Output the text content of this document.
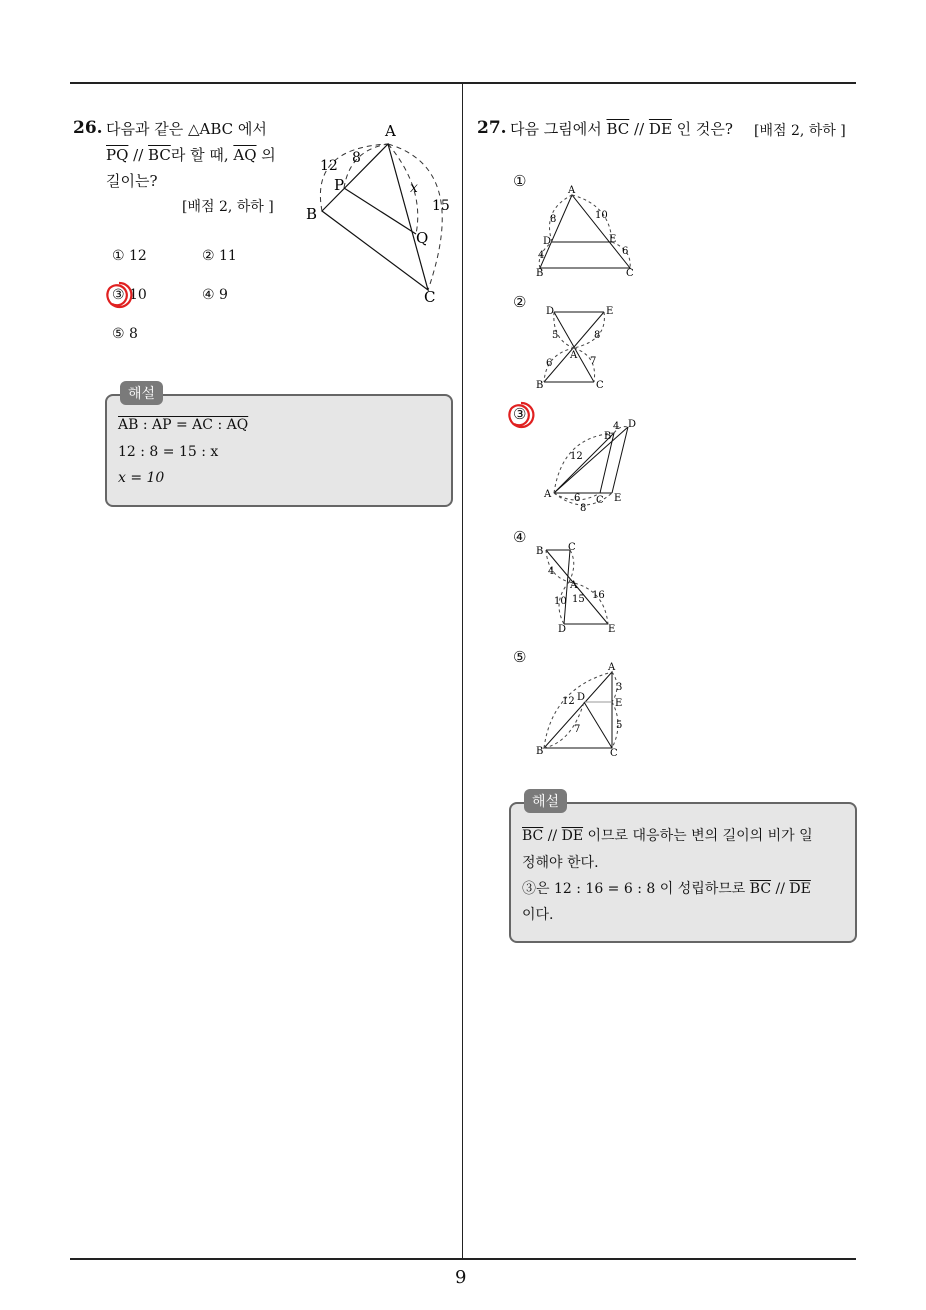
9
26. 다음과 같은 △ABC 에서
$\overline{PQ} // \overline{BC}$라 할 때, $\overline{AQ}$ 의
길이는?
[배점 2, 하하 ]
A
B
C
P
Q
12 8
x
15
① 12	② 11
③ 10	④ 9
⑤ 8
해설
AB : AP = AC : AQ
12 : 8 = 15 : x
x = 10
27. 다음 그림에서 $\overline{BC} // \overline{DE}$ 인 것은? [배점 2, 하하 ]
①
②
③
④
⑤
A
B	C
D	E
8	10
4	6
D	E
A
B	C
5	8
6	7
A
B
C
D
E
4
12
6
8
B C
A
D	E
4
10 15 16
A
B	C
D
E
12
7
3
5
해설
$\overline{BC} // \overline{DE}$ 이므로 대응하는 변의 길이의 비가 일
정해야 한다.
③은 12 : 16 = 6 : 8 이 성립하므로 $\overline{BC} // \overline{DE}$
이다.
